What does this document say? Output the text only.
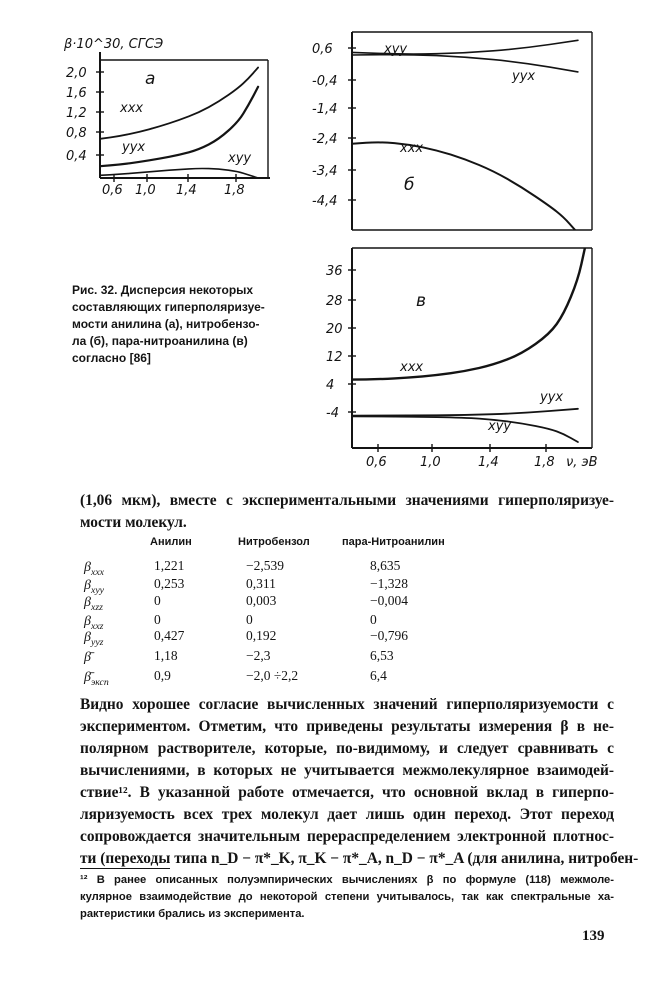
β·10^30, СГСЭ
2,0
1,6
1,2
0,8
0,4
0,6 1,0 1,4 1,8
а
xxx
yyx
xyy
0,6
-0,4
-1,4
-2,4
-3,4
-4,4
xyy
yyx
xxx
б
36
28
20
12
4
-4
0,6	1,0	1,4	1,8
в
xxx
yyx
xyy
ν, эВ
Рис. 32. Дисперсия некоторых
составляющих гиперполяризуе-
мости анилина (а), нитробензо-
ла (б), пара-нитроанилина (в)
согласно [86]
(1,06 мкм), вместе с экспериментальными значениями гиперполяризуе-
мости молекул.
Анилин	Нитробензол	пара-Нитроанилин
$\beta_{xxx}$	1,221	−2,539	8,635
$\beta_{xyy}$	0,253	0,311	−1,328
$\beta_{xzz}$	0	0,003	−0,004
$\beta_{xxz}$	0	0	0
$\beta_{yyz}$	0,427	0,192	−0,796
β̄	1,18	−2,3	6,53
$\betā_{эксп}$	0,9	−2,0 ÷2,2	6,4
Видно хорошее согласие вычисленных значений гиперполяризуемости с
экспериментом. Отметим, что приведены результаты измерения β в не-
полярном растворителе, которые, по-видимому, и следует сравнивать с
вычислениями, в которых не учитывается межмолекулярное взаимодей-
ствие¹². В указанной работе отмечается, что основной вклад в гиперпо-
ляризуемость всех трех молекул дает лишь один переход. Этот переход
сопровождается значительным перераспределением электронной плотнос-
ти (переходы типа n_D − π*_K, π_K − π*_A, n_D − π*_A (для анилина, нитробен-
¹² В ранее описанных полуэмпирических вычислениях β по формуле (118) межмоле-
кулярное взаимодействие до некоторой степени учитывалось, так как спектральные ха-
рактеристики брались из эксперимента.
139
